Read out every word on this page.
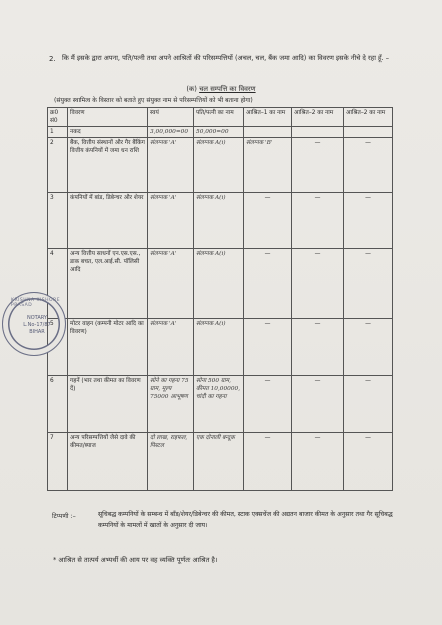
2. कि मैं इसके द्वारा अपना, पति/पत्नी तथा अपने आश्रितों की परिसम्पत्तियों (अचल, चल, बैंक जमा आदि) का विवरण इसके नीचे दे रहा हूँ. –
(क) चल सम्पत्ति का विवरण
(संयुक्त स्वामित्व के विस्तार को बताते हुए संयुक्त नाम से परिसम्पत्तियों को भी बताना होगा)
क्र0 सं0	विवरण	स्वयं	पति/पत्नी का नाम	आश्रित–1 का नाम	आश्रित–2 का नाम	आश्रित–2 का नाम
1	नकद	3,00,000=00	50,000=00			
2	बैंक, वित्तीय संस्थानों और गैर बैंकिंग वित्तीय कंपनियों में जमा धन राशि	संलग्नक 'A'	संलग्नक A(i)	संलग्नक 'B'	—	—
3	कंपनियों में बांड, डिबेन्चर और शेयर	संलग्नक 'A'	संलग्नक A(i)	—	—	—
4	अन्य वित्तीय साधनों एन.एस.एस., डाक बचत, एल.आई.सी. पॉलिसी आदि	संलग्नक 'A'	संलग्नक A(i)	—	—	—
5	मोटर वाहन (कम्पनी मोटर आदि का विवरण)	संलग्नक 'A'	संलग्नक A(i)	—	—	—
6	गहनें (भार तथा कीमत का विवरण दें)	सोने का गहना 75 ग्राम, मूल्य 75000 आभूषण	सोना 500 ग्राम, कीमत 10,00000, चांदी का गहना	—	—	—
7	अन्य परिसम्पत्तियों जैसे दावे की कीमत/ब्याज	दो लाख, राइफल, पिस्टल	एक दोनाली बन्दूक	—	—	—
टिप्पणी :–	सूचिबद्ध कम्पनियों के सम्बन्ध में बॉंड/शेयर/डिबेन्चर की कीमत, स्टाक एक्सचेंज की अद्यतन बाजार कीमत के अनुसार तथा गैर सूचिबद्ध कम्पनियों के मामलों में खातों के अनुसार दी जाय।
* आश्रित से तात्पर्य अभ्यर्थी की आय पर वह व्यक्ति पूर्णतः आश्रित है।
KRISHNA KISHORE PRASAD
NOTARY
L.No-17/87
BIHAR
